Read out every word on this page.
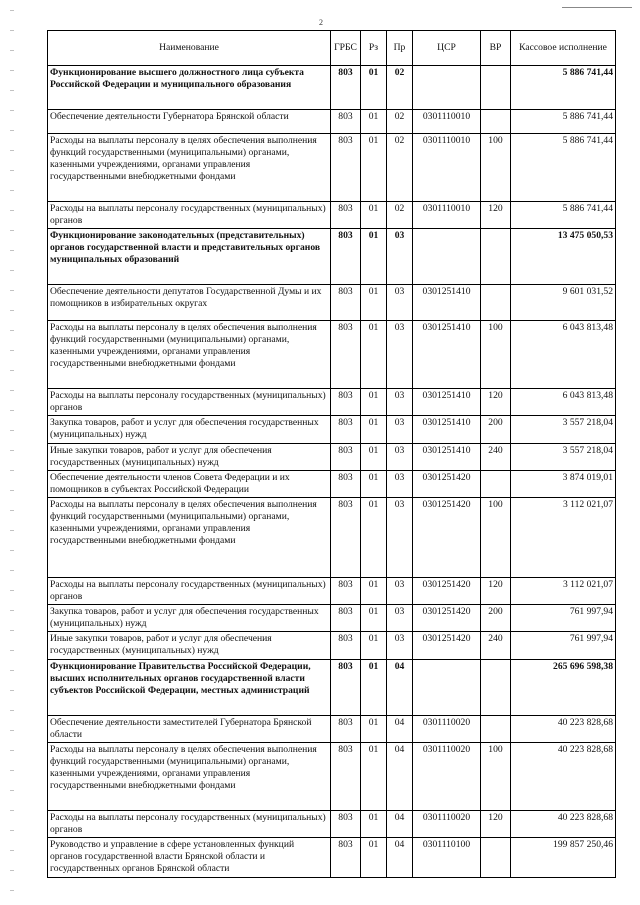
2
Наименование	ГРБС	Рз	Пр	ЦСР	ВР	Кассовое исполнение
Функционирование высшего должностного лица субъекта Российской Федерации и муниципального образования	803	01	02			5 886 741,44
Обеспечение деятельности Губернатора Брянской области	803	01	02	0301110010		5 886 741,44
Расходы на выплаты персоналу в целях обеспечения выполнения функций государственными (муниципальными) органами, казенными учреждениями, органами управления государственными внебюджетными фондами	803	01	02	0301110010	100	5 886 741,44
Расходы на выплаты персоналу государственных (муниципальных) органов	803	01	02	0301110010	120	5 886 741,44
Функционирование законодательных (представительных) органов государственной власти и представительных органов муниципальных образований	803	01	03			13 475 050,53
Обеспечение деятельности депутатов Государственной Думы и их помощников в избирательных округах	803	01	03	0301251410		9 601 031,52
Расходы на выплаты персоналу в целях обеспечения выполнения функций государственными (муниципальными) органами, казенными учреждениями, органами управления государственными внебюджетными фондами	803	01	03	0301251410	100	6 043 813,48
Расходы на выплаты персоналу государственных (муниципальных) органов	803	01	03	0301251410	120	6 043 813,48
Закупка товаров, работ и услуг для обеспечения государственных (муниципальных) нужд	803	01	03	0301251410	200	3 557 218,04
Иные закупки товаров, работ и услуг для обеспечения государственных (муниципальных) нужд	803	01	03	0301251410	240	3 557 218,04
Обеспечение деятельности членов Совета Федерации и их помощников в субъектах Российской Федерации	803	01	03	0301251420		3 874 019,01
Расходы на выплаты персоналу в целях обеспечения выполнения функций государственными (муниципальными) органами, казенными учреждениями, органами управления государственными внебюджетными фондами	803	01	03	0301251420	100	3 112 021,07
Расходы на выплаты персоналу государственных (муниципальных) органов	803	01	03	0301251420	120	3 112 021,07
Закупка товаров, работ и услуг для обеспечения государственных (муниципальных) нужд	803	01	03	0301251420	200	761 997,94
Иные закупки товаров, работ и услуг для обеспечения государственных (муниципальных) нужд	803	01	03	0301251420	240	761 997,94
Функционирование Правительства Российской Федерации, высших исполнительных органов государственной власти субъектов Российской Федерации, местных администраций	803	01	04			265 696 598,38
Обеспечение деятельности заместителей Губернатора Брянской области	803	01	04	0301110020		40 223 828,68
Расходы на выплаты персоналу в целях обеспечения выполнения функций государственными (муниципальными) органами, казенными учреждениями, органами управления государственными внебюджетными фондами	803	01	04	0301110020	100	40 223 828,68
Расходы на выплаты персоналу государственных (муниципальных) органов	803	01	04	0301110020	120	40 223 828,68
Руководство и управление в сфере установленных функций органов государственной власти Брянской области и государственных органов Брянской области	803	01	04	0301110100		199 857 250,46
